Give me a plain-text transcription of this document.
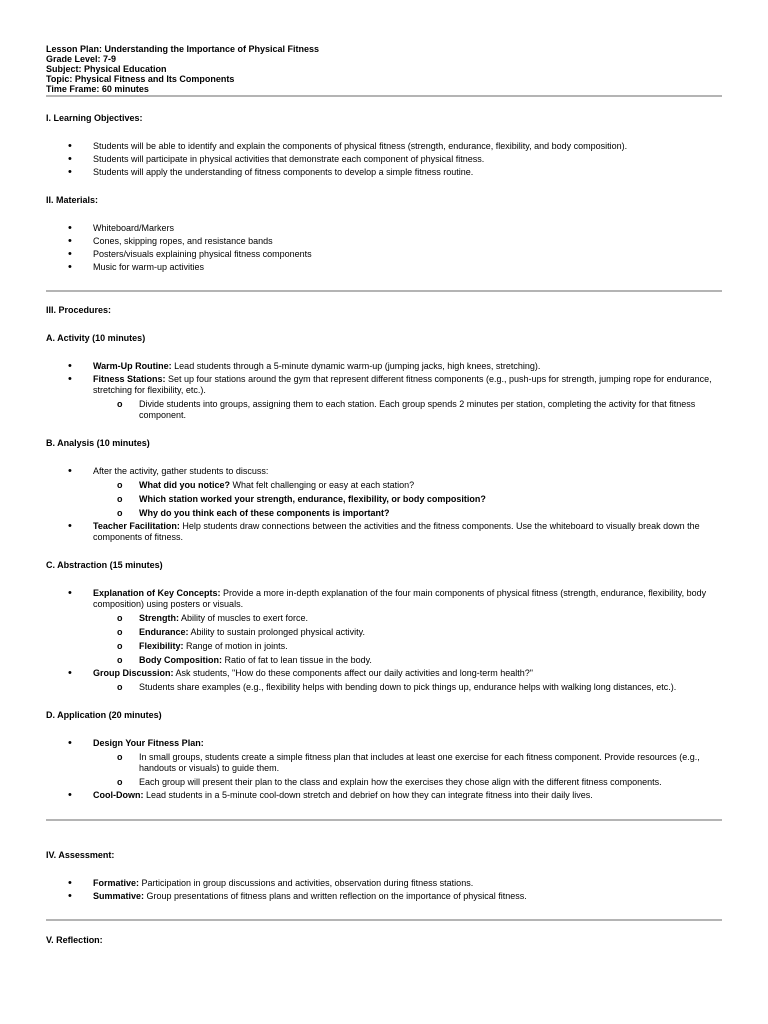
Lesson Plan: Understanding the Importance of Physical Fitness
Grade Level: 7-9
Subject: Physical Education
Topic: Physical Fitness and Its Components
Time Frame: 60 minutes
I. Learning Objectives:
• Students will be able to identify and explain the components of physical fitness (strength, endurance, flexibility, and body composition).
• Students will participate in physical activities that demonstrate each component of physical fitness.
• Students will apply the understanding of fitness components to develop a simple fitness routine.
II. Materials:
• Whiteboard/Markers
• Cones, skipping ropes, and resistance bands
• Posters/visuals explaining physical fitness components
• Music for warm-up activities
III. Procedures:
A. Activity (10 minutes)
• Warm-Up Routine: Lead students through a 5-minute dynamic warm-up (jumping jacks, high knees, stretching).
• Fitness Stations: Set up four stations around the gym that represent different fitness components (e.g., push-ups for strength, jumping rope for endurance, stretching for flexibility, etc.).
o Divide students into groups, assigning them to each station. Each group spends 2 minutes per station, completing the activity for that fitness component.
B. Analysis (10 minutes)
• After the activity, gather students to discuss:
o What did you notice? What felt challenging or easy at each station?
o Which station worked your strength, endurance, flexibility, or body composition?
o Why do you think each of these components is important?
• Teacher Facilitation: Help students draw connections between the activities and the fitness components. Use the whiteboard to visually break down the components of fitness.
C. Abstraction (15 minutes)
• Explanation of Key Concepts: Provide a more in-depth explanation of the four main components of physical fitness (strength, endurance, flexibility, body composition) using posters or visuals.
o Strength: Ability of muscles to exert force.
o Endurance: Ability to sustain prolonged physical activity.
o Flexibility: Range of motion in joints.
o Body Composition: Ratio of fat to lean tissue in the body.
• Group Discussion: Ask students, "How do these components affect our daily activities and long-term health?"
o Students share examples (e.g., flexibility helps with bending down to pick things up, endurance helps with walking long distances, etc.).
D. Application (20 minutes)
• Design Your Fitness Plan:
o In small groups, students create a simple fitness plan that includes at least one exercise for each fitness component. Provide resources (e.g., handouts or visuals) to guide them.
o Each group will present their plan to the class and explain how the exercises they chose align with the different fitness components.
• Cool-Down: Lead students in a 5-minute cool-down stretch and debrief on how they can integrate fitness into their daily lives.
IV. Assessment:
• Formative: Participation in group discussions and activities, observation during fitness stations.
• Summative: Group presentations of fitness plans and written reflection on the importance of physical fitness.
V. Reflection:
